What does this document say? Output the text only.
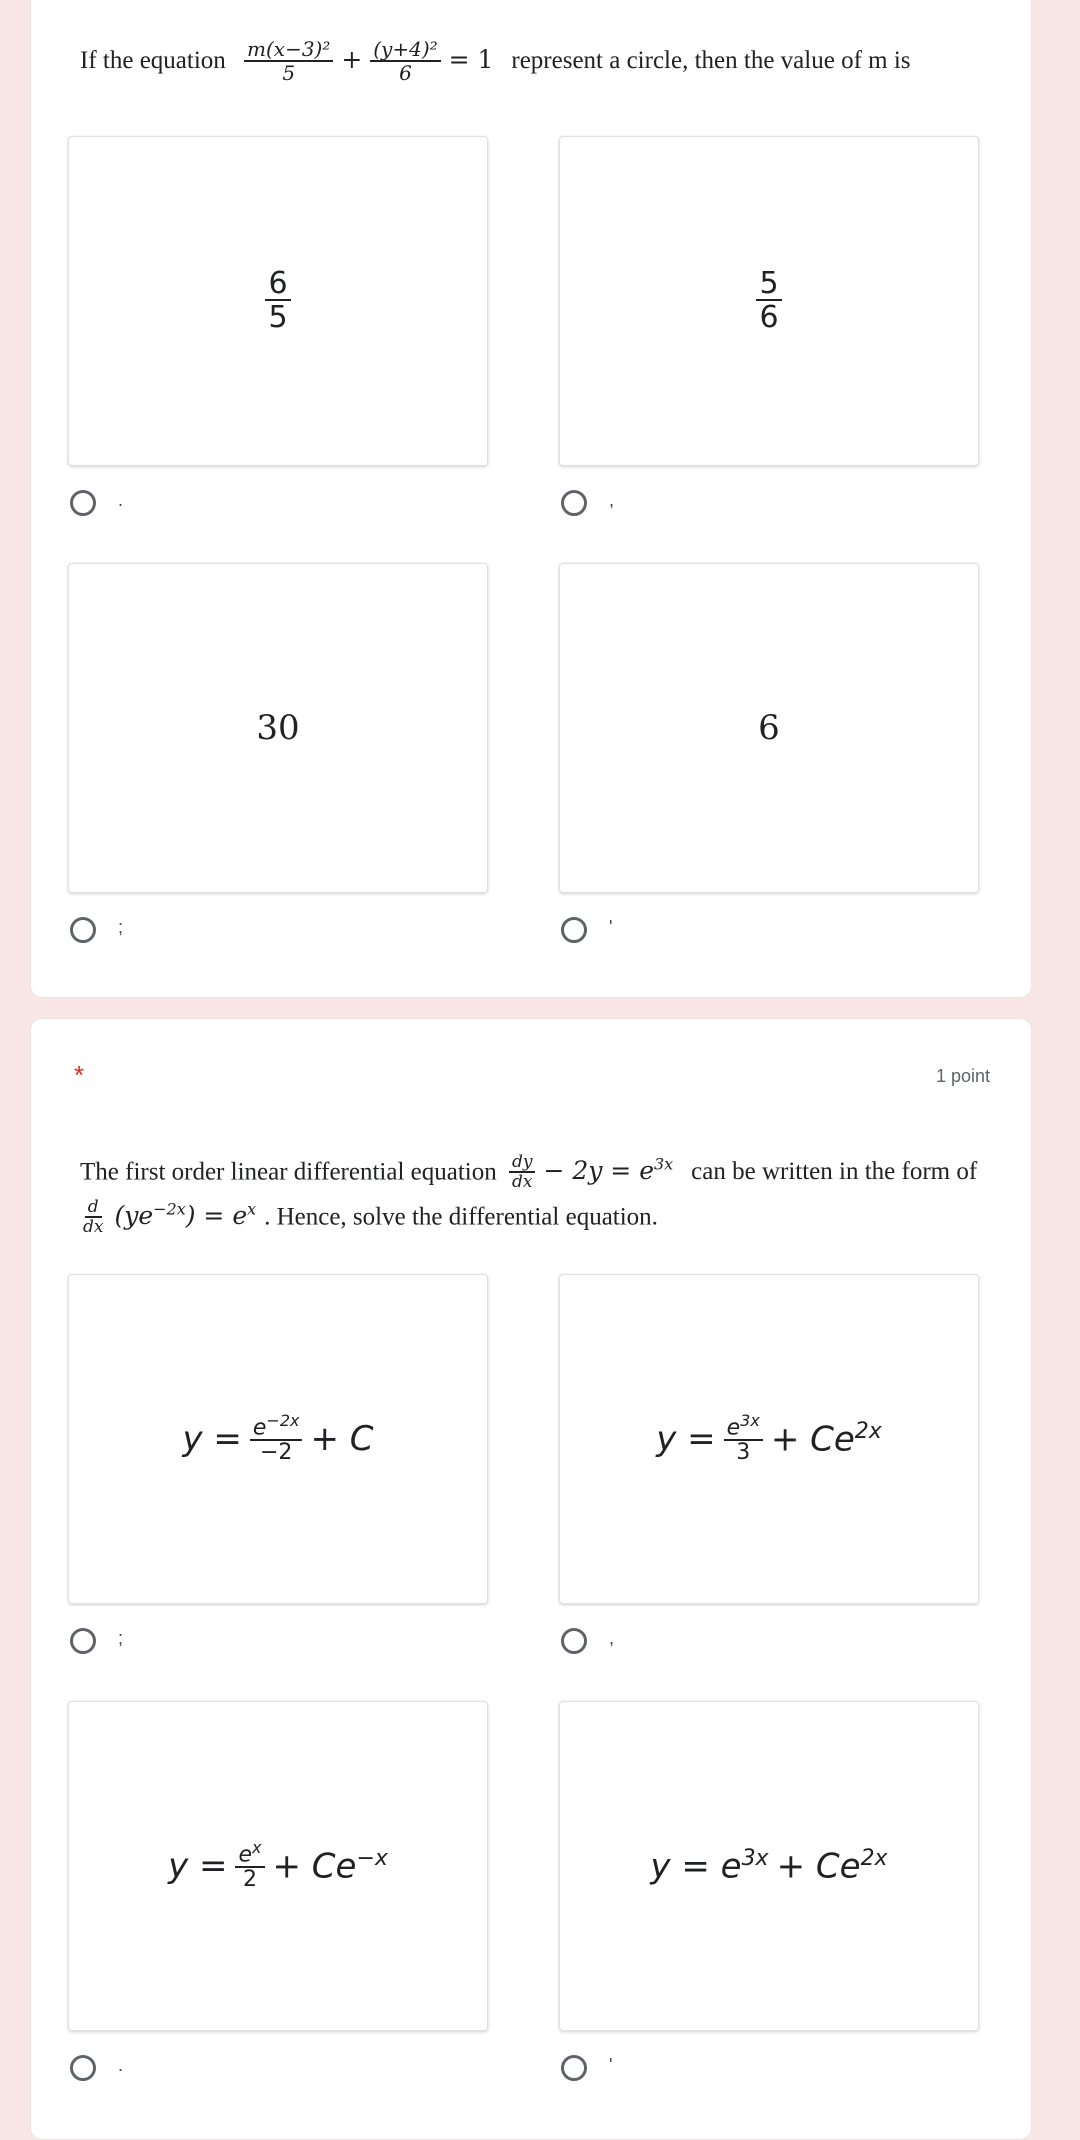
If the equation $\frac{\text{m(x−3)²}}{5} + \frac{\text{(y+4)²}}{6} = 1$ represent a circle, then the value of m is
$\frac{6}{5}$
.
$\frac{5}{6}$
,
30
;
6
'
*	1 point
The first order linear differential equation $\frac{dy}{dx} - 2y = e^{3x}$ can be written in the form of
$\frac{d}{dx} (ye^{-2x}) = e^x$ . Hence, solve the differential equation.
$y = \frac{e^{-2x}}{-2} + C$
;
$y = \frac{e^{3x}}{3} + Ce^{2x}$
,
$y = \frac{e^x}{2} + Ce^{-x}$
.
$y = e^{3x} + Ce^{2x}$
'
